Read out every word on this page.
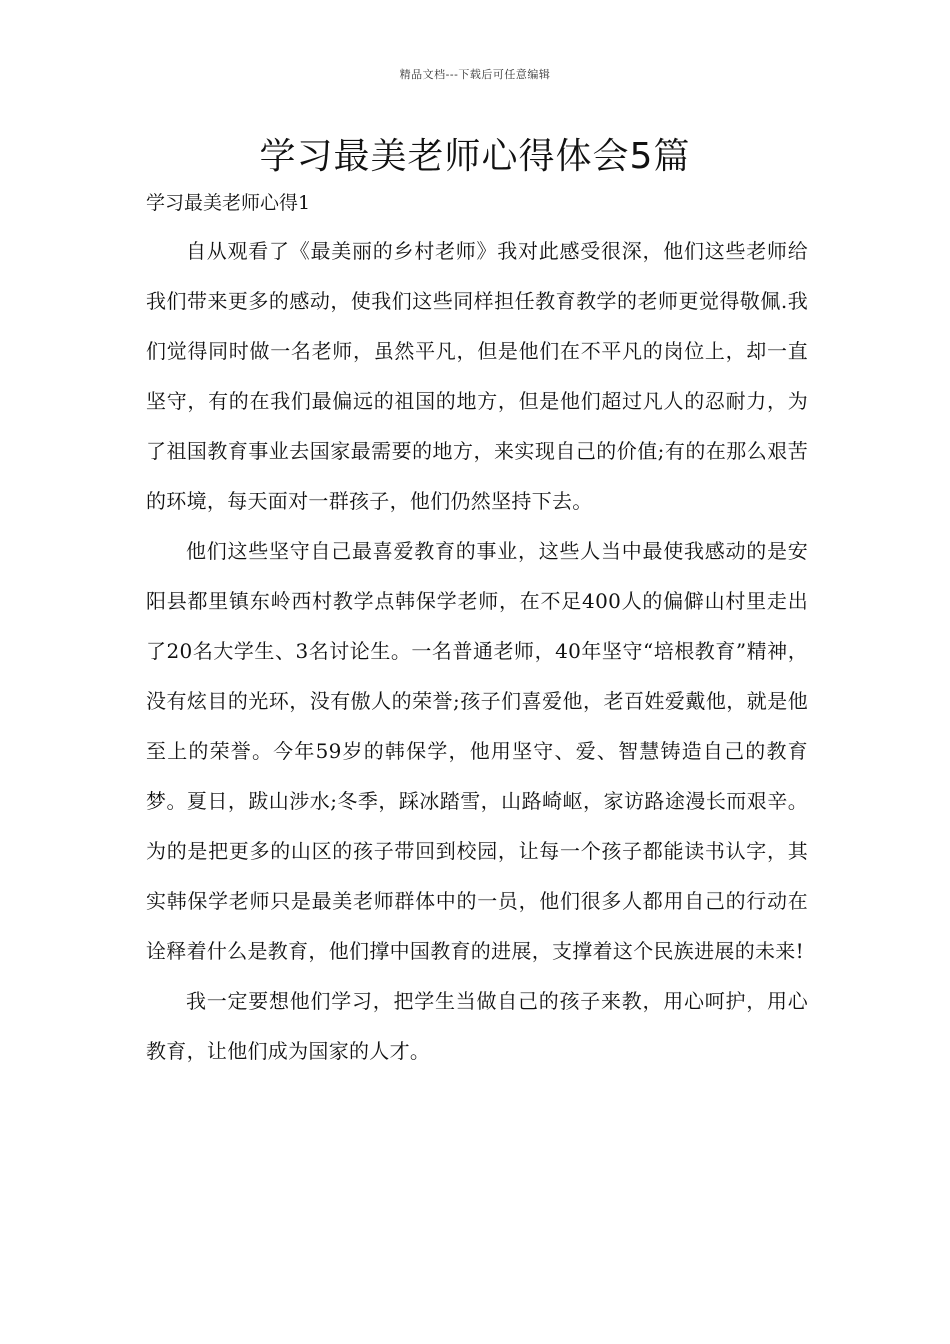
精品文档---下载后可任意编辑
学习最美老师心得体会5篇

学习最美老师心得1

自从观看了《最美丽的乡村老师》我对此感受很深，他们这些老师给我们带来更多的感动，使我们这些同样担任教育教学的老师更觉得敬佩.我们觉得同时做一名老师，虽然平凡，但是他们在不平凡的岗位上，却一直坚守，有的在我们最偏远的祖国的地方，但是他们超过凡人的忍耐力，为了祖国教育事业去国家最需要的地方，来实现自己的价值;有的在那么艰苦的环境，每天面对一群孩子，他们仍然坚持下去。

他们这些坚守自己最喜爱教育的事业，这些人当中最使我感动的是安阳县都里镇东岭西村教学点韩保学老师，在不足400人的偏僻山村里走出了20名大学生、3名讨论生。一名普通老师，40年坚守“培根教育”精神，没有炫目的光环，没有傲人的荣誉;孩子们喜爱他，老百姓爱戴他，就是他至上的荣誉。今年59岁的韩保学，他用坚守、爱、智慧铸造自己的教育梦。夏日，跋山涉水;冬季，踩冰踏雪，山路崎岖，家访路途漫长而艰辛。为的是把更多的山区的孩子带回到校园，让每一个孩子都能读书认字，其实韩保学老师只是最美老师群体中的一员，他们很多人都用自己的行动在诠释着什么是教育，他们撑中国教育的进展，支撑着这个民族进展的未来!

我一定要想他们学习，把学生当做自己的孩子来教，用心呵护，用心教育，让他们成为国家的人才。
